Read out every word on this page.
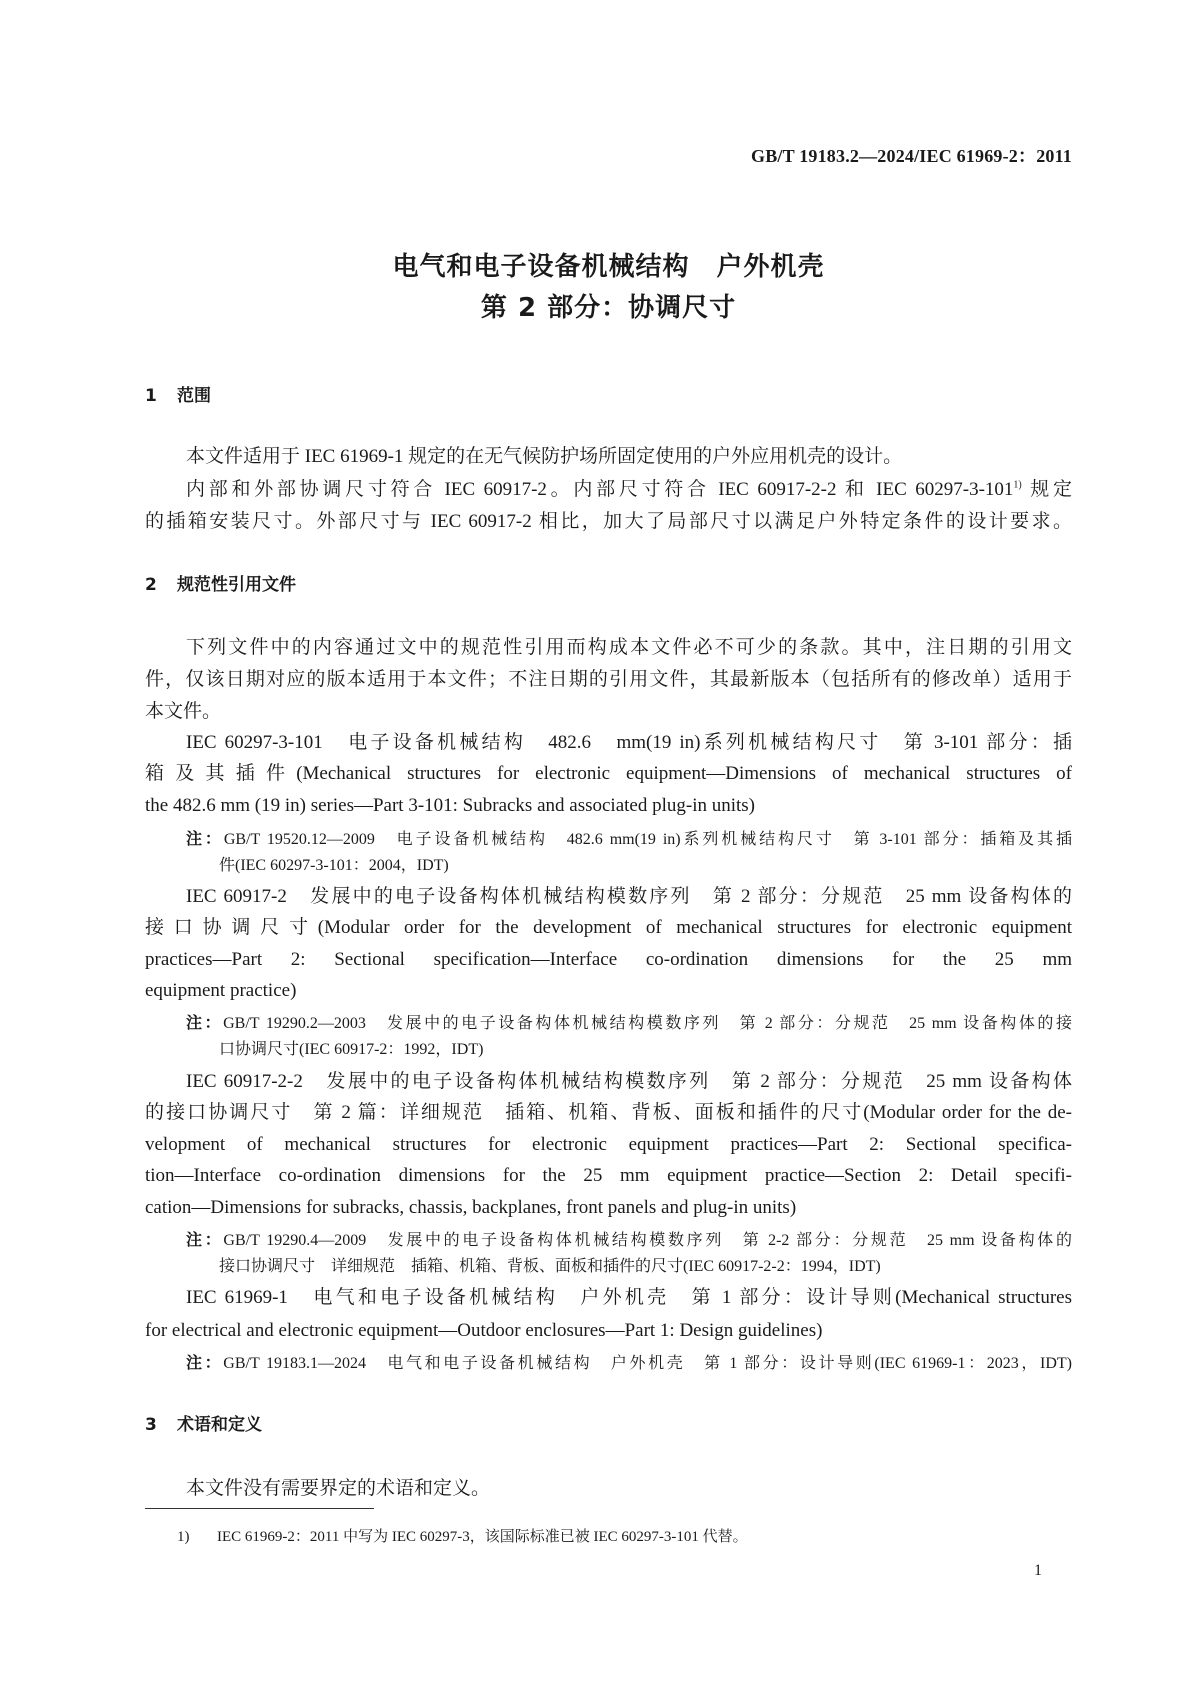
GB/T 19183.2—2024/IEC 61969-2：2011
电气和电子设备机械结构　户外机壳
第 2 部分：协调尺寸
1 范围
2 规范性引用文件
3 术语和定义
本文件适用于 IEC 61969-1 规定的在无气候防护场所固定使用的户外应用机壳的设计。
内部和外部协调尺寸符合 IEC 60917-2。内部尺寸符合 IEC 60917-2-2 和 IEC 60297-3-101$^{1)}$ 规定
的插箱安装尺寸。外部尺寸与 IEC 60917-2 相比，加大了局部尺寸以满足户外特定条件的设计要求。
下列文件中的内容通过文中的规范性引用而构成本文件必不可少的条款。其中，注日期的引用文
件，仅该日期对应的版本适用于本文件；不注日期的引用文件，其最新版本（包括所有的修改单）适用于
本文件。
IEC 60297-3-101　电子设备机械结构　482.6　mm(19 in)系列机械结构尺寸　第 3-101 部分：插
箱及其插件(Mechanical structures for electronic equipment—Dimensions of mechanical structures of
the 482.6 mm (19 in) series—Part 3-101: Subracks and associated plug-in units)
注：GB/T 19520.12—2009　电子设备机械结构　482.6 mm(19 in)系列机械结构尺寸　第 3-101 部分：插箱及其插
件(IEC 60297-3-101：2004，IDT)
IEC 60917-2　发展中的电子设备构体机械结构模数序列　第 2 部分：分规范　25 mm 设备构体的
接口协调尺寸(Modular order for the development of mechanical structures for electronic equipment
practices—Part 2: Sectional specification—Interface co-ordination dimensions for the 25 mm
equipment practice)
注：GB/T 19290.2—2003　发展中的电子设备构体机械结构模数序列　第 2 部分：分规范　25 mm 设备构体的接
口协调尺寸(IEC 60917-2：1992，IDT)
IEC 60917-2-2　发展中的电子设备构体机械结构模数序列　第 2 部分：分规范　25 mm 设备构体
的接口协调尺寸　第 2 篇：详细规范　插箱、机箱、背板、面板和插件的尺寸(Modular order for the de-
velopment of mechanical structures for electronic equipment practices—Part 2: Sectional specifica-
tion—Interface co-ordination dimensions for the 25 mm equipment practice—Section 2: Detail specifi-
cation—Dimensions for subracks, chassis, backplanes, front panels and plug-in units)
注：GB/T 19290.4—2009　发展中的电子设备构体机械结构模数序列　第 2-2 部分：分规范　25 mm 设备构体的
接口协调尺寸　详细规范　插箱、机箱、背板、面板和插件的尺寸(IEC 60917-2-2：1994，IDT)
IEC 61969-1　电气和电子设备机械结构　户外机壳　第 1 部分：设计导则(Mechanical structures
for electrical and electronic equipment—Outdoor enclosures—Part 1: Design guidelines)
注：GB/T 19183.1—2024　电气和电子设备机械结构　户外机壳　第 1 部分：设计导则(IEC 61969-1：2023，IDT)
本文件没有需要界定的术语和定义。
1) IEC 61969-2：2011 中写为 IEC 60297-3，该国际标准已被 IEC 60297-3-101 代替。
1
